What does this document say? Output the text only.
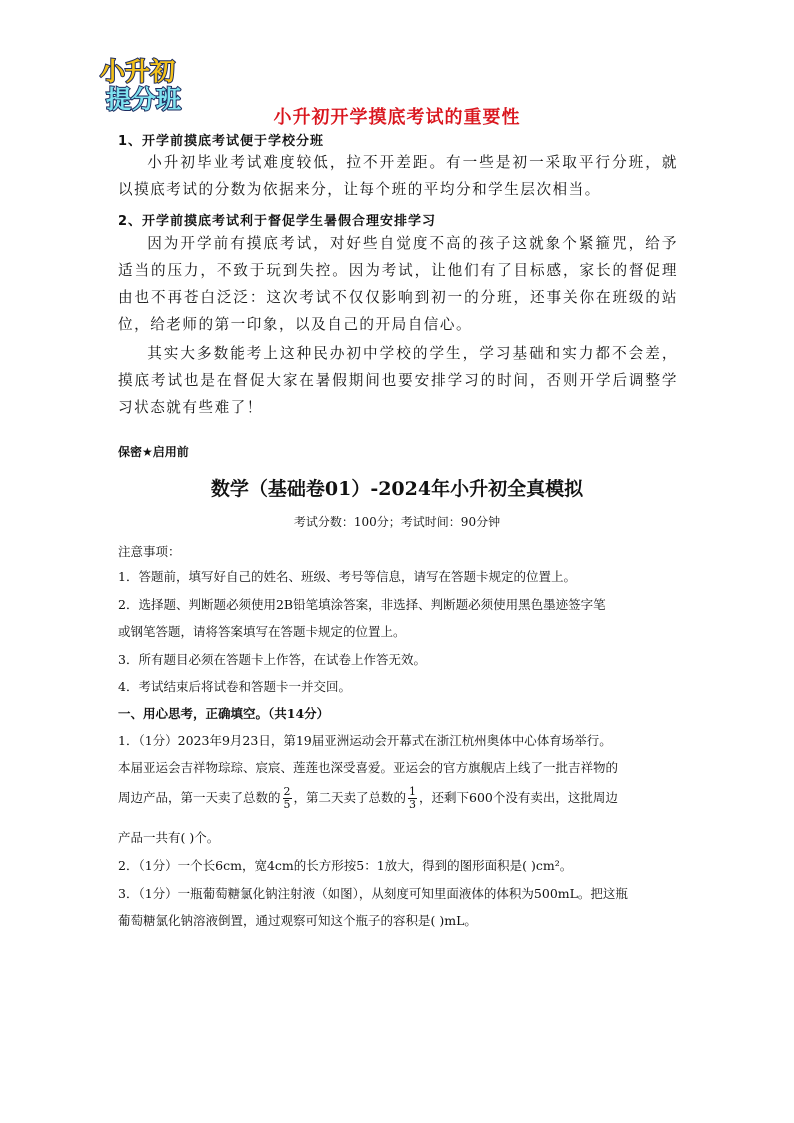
小升初
提分班
小升初开学摸底考试的重要性
1、开学前摸底考试便于学校分班
小升初毕业考试难度较低，拉不开差距。有一些是初一采取平行分班，就以摸底考试的分数为依据来分，让每个班的平均分和学生层次相当。
2、开学前摸底考试利于督促学生暑假合理安排学习
因为开学前有摸底考试，对好些自觉度不高的孩子这就象个紧箍咒，给予适当的压力，不致于玩到失控。因为考试，让他们有了目标感，家长的督促理由也不再苍白泛泛：这次考试不仅仅影响到初一的分班，还事关你在班级的站位，给老师的第一印象，以及自己的开局自信心。
其实大多数能考上这种民办初中学校的学生，学习基础和实力都不会差，摸底考试也是在督促大家在暑假期间也要安排学习的时间，否则开学后调整学习状态就有些难了！
保密★启用前
数学（基础卷01）-2024年小升初全真模拟
考试分数：100分；考试时间：90分钟
注意事项：
1．答题前，填写好自己的姓名、班级、考号等信息，请写在答题卡规定的位置上。
2．选择题、判断题必须使用2B铅笔填涂答案，非选择、判断题必须使用黑色墨迹签字笔
或钢笔答题，请将答案填写在答题卡规定的位置上。
3．所有题目必须在答题卡上作答，在试卷上作答无效。
4．考试结束后将试卷和答题卡一并交回。
一、用心思考，正确填空。（共14分）
1．（1分）2023年9月23日，第19届亚洲运动会开幕式在浙江杭州奥体中心体育场举行。
本届亚运会吉祥物琮琮、宸宸、莲莲也深受喜爱。亚运会的官方旗舰店上线了一批吉祥物的
周边产品，第一天卖了总数的 $\frac{2}{5}$ ，第二天卖了总数的 $\frac{1}{3}$ ，还剩下600个没有卖出，这批周边
产品一共有( )个。
2．（1分）一个长6cm，宽4cm的长方形按5：1放大，得到的图形面积是( )cm²。
3．（1分）一瓶葡萄糖氯化钠注射液（如图），从刻度可知里面液体的体积为500mL。把这瓶
葡萄糖氯化钠溶液倒置，通过观察可知这个瓶子的容积是( )mL。
